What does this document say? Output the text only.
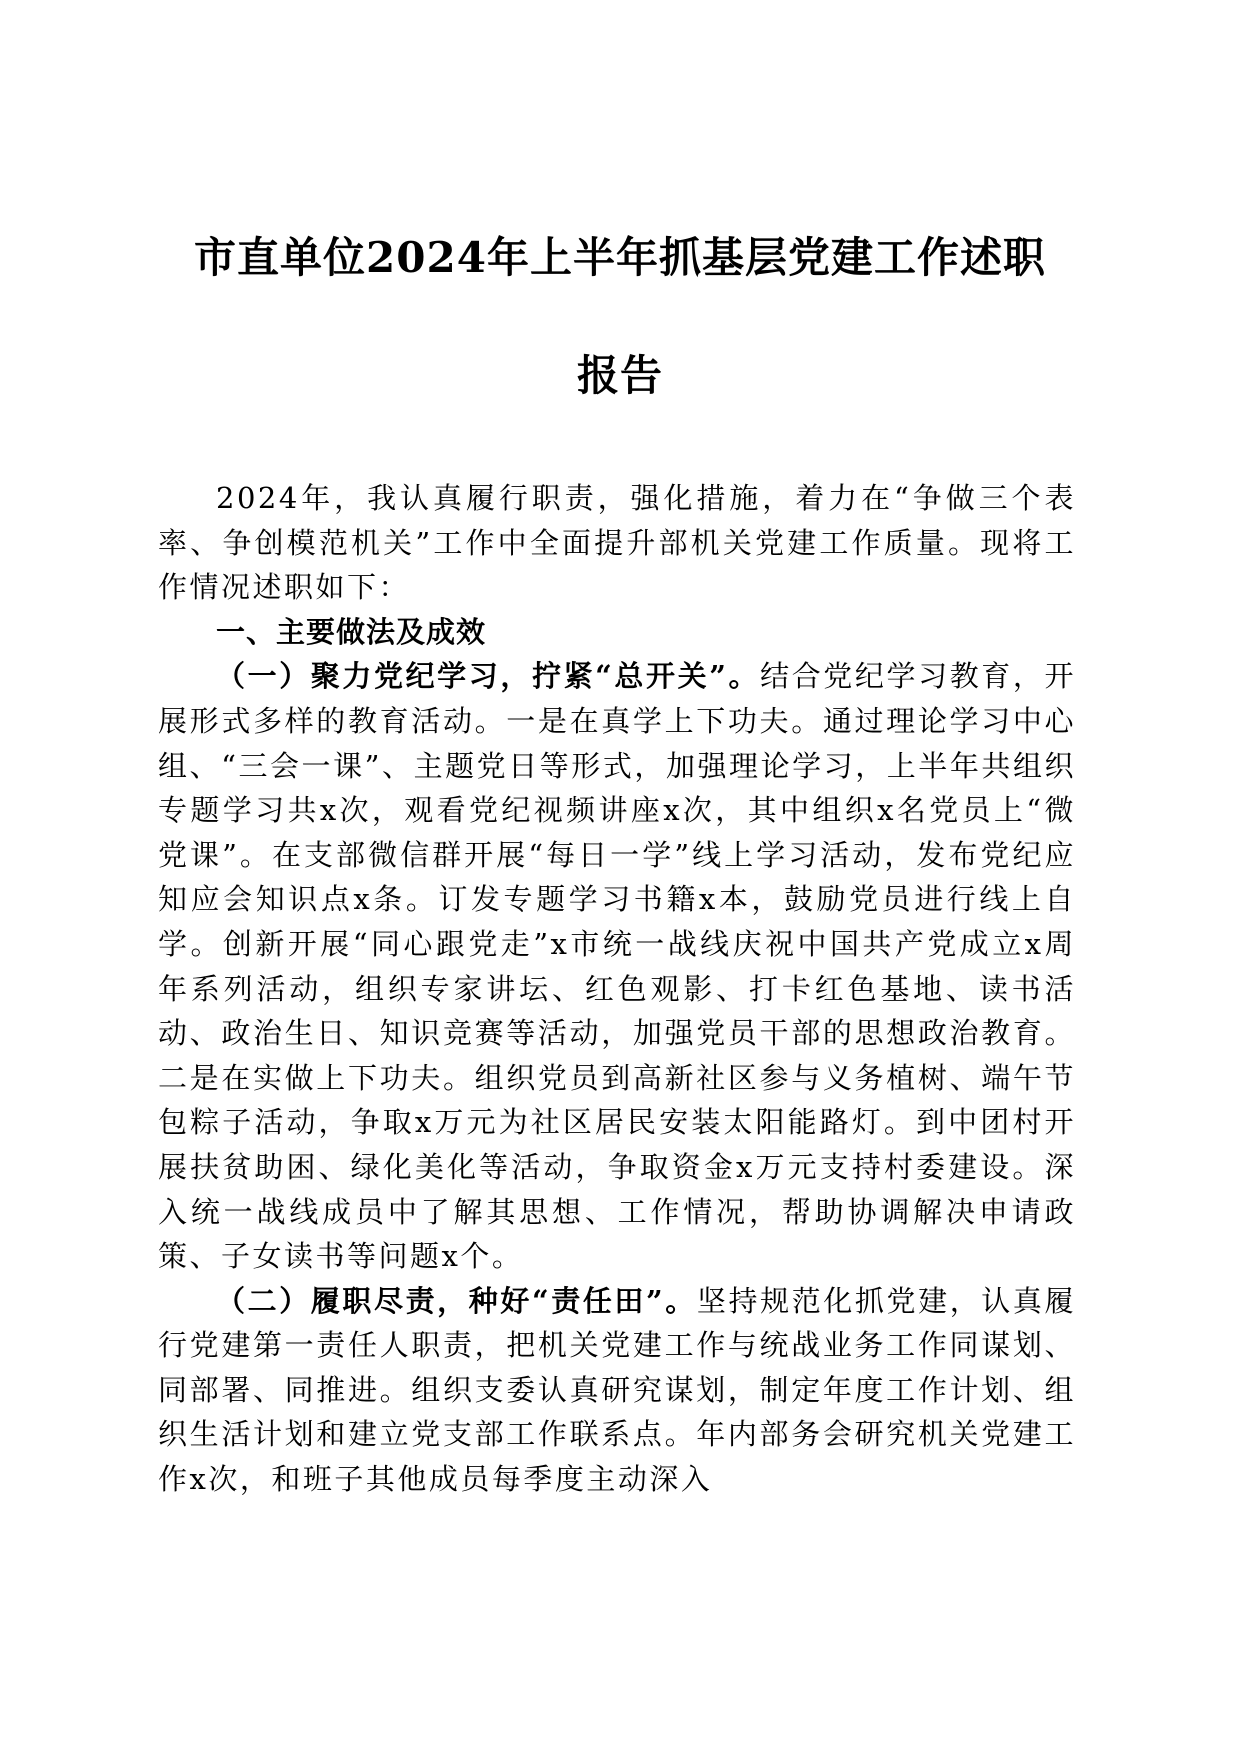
市直单位2024年上半年抓基层党建工作述职
报告

2024年，我认真履行职责，强化措施，着力在“争做三个表率、争创模范机关”工作中全面提升部机关党建工作质量。现将工作情况述职如下：

一、主要做法及成效

（一）聚力党纪学习，拧紧“总开关”。结合党纪学习教育，开展形式多样的教育活动。一是在真学上下功夫。通过理论学习中心组、“三会一课”、主题党日等形式，加强理论学习，上半年共组织专题学习共x次，观看党纪视频讲座x次，其中组织x名党员上“微党课”。在支部微信群开展“每日一学”线上学习活动，发布党纪应知应会知识点x条。订发专题学习书籍x本，鼓励党员进行线上自学。创新开展“同心跟党走”x市统一战线庆祝中国共产党成立x周年系列活动，组织专家讲坛、红色观影、打卡红色基地、读书活动、政治生日、知识竞赛等活动，加强党员干部的思想政治教育。二是在实做上下功夫。组织党员到高新社区参与义务植树、端午节包粽子活动，争取x万元为社区居民安装太阳能路灯。到中团村开展扶贫助困、绿化美化等活动，争取资金x万元支持村委建设。深入统一战线成员中了解其思想、工作情况，帮助协调解决申请政策、子女读书等问题x个。

（二）履职尽责，种好“责任田”。坚持规范化抓党建，认真履行党建第一责任人职责，把机关党建工作与统战业务工作同谋划、同部署、同推进。组织支委认真研究谋划，制定年度工作计划、组织生活计划和建立党支部工作联系点。年内部务会研究机关党建工作x次，和班子其他成员每季度主动深入
